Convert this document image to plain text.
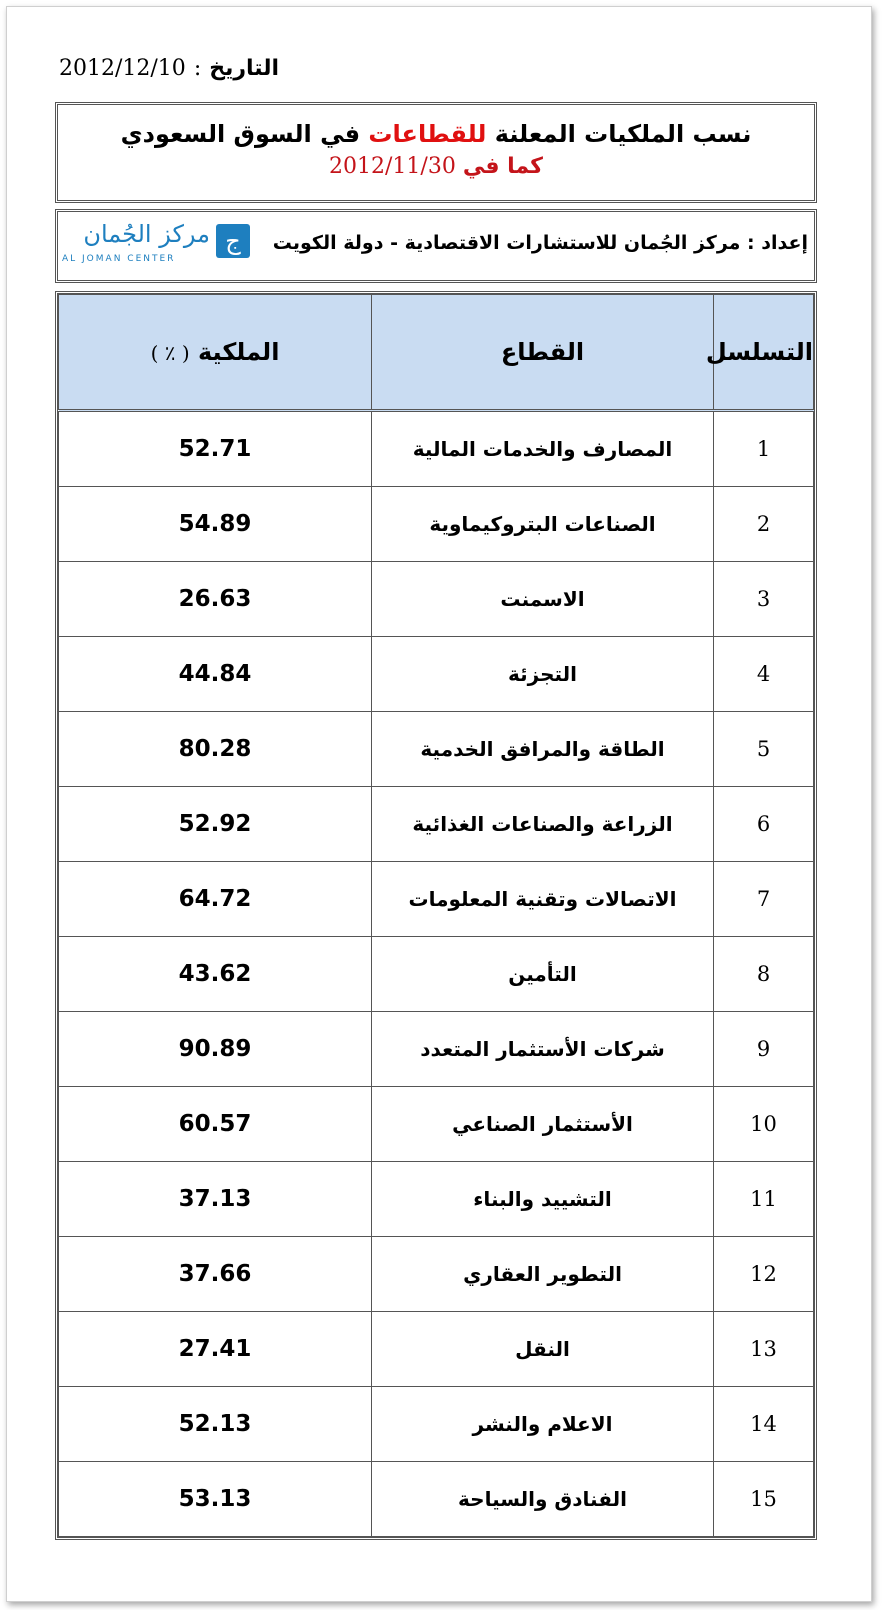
2012/12/10 : التاريخ
نسب الملكيات المعلنة للقطاعات في السوق السعودي
كما في 2012/11/30
إعداد : مركز الجُمان للاستشارات الاقتصادية - دولة الكويت
ج
مركز الجُمان
AL JOMAN CENTER
التسلسل	القطاع	الملكية ( ٪ )
1	المصارف والخدمات المالية	52.71
2	الصناعات البتروكيماوية	54.89
3	الاسمنت	26.63
4	التجزئة	44.84
5	الطاقة والمرافق الخدمية	80.28
6	الزراعة والصناعات الغذائية	52.92
7	الاتصالات وتقنية المعلومات	64.72
8	التأمين	43.62
9	شركات الأستثمار المتعدد	90.89
10	الأستثمار الصناعي	60.57
11	التشييد والبناء	37.13
12	التطوير العقاري	37.66
13	النقل	27.41
14	الاعلام والنشر	52.13
15	الفنادق والسياحة	53.13
